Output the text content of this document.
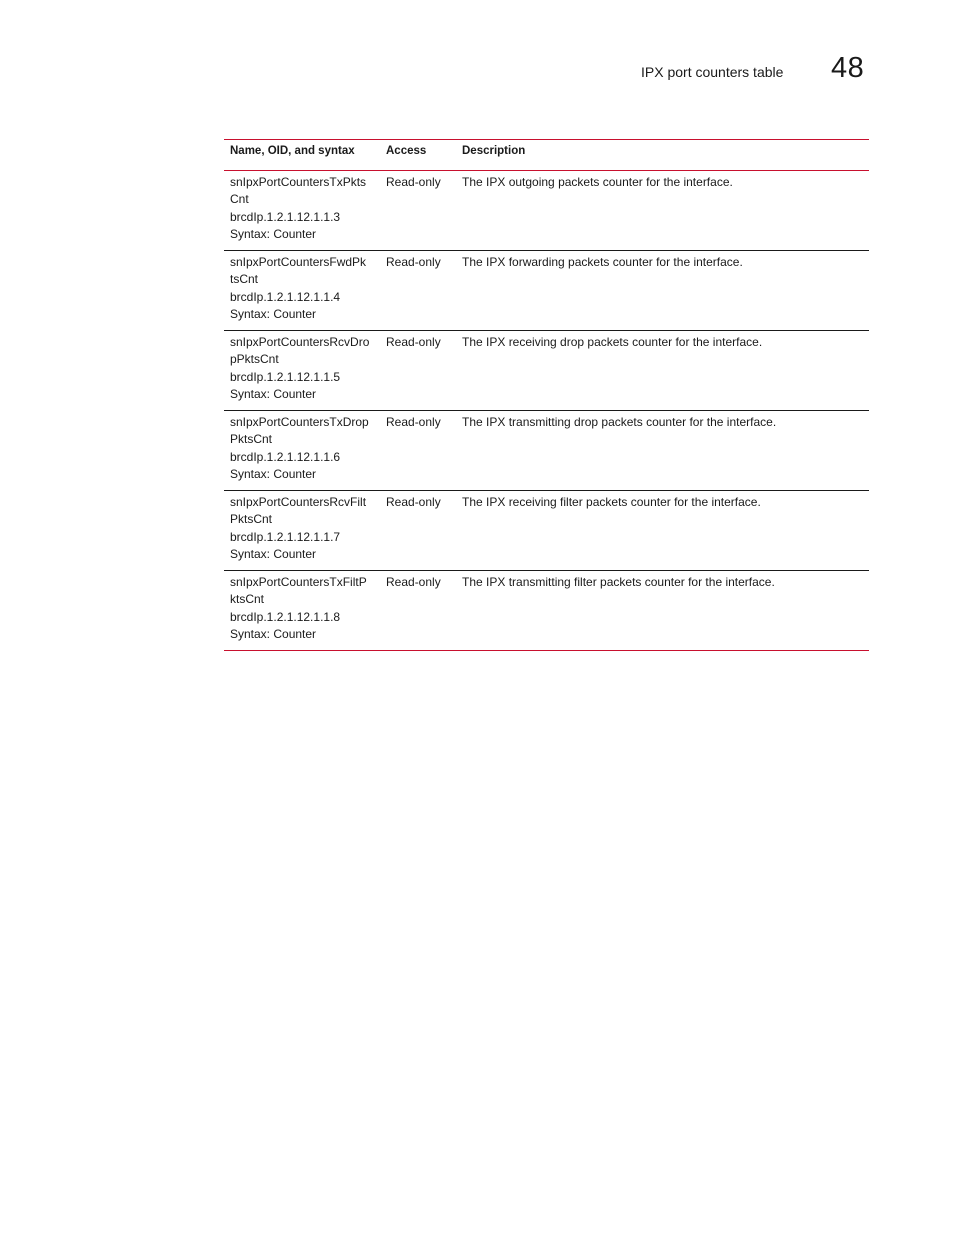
IPX port counters table 48
Name, OID, and syntax	Access	Description

snIpxPortCountersTxPkts
Cnt
brcdIp.1.2.1.12.1.1.3
Syntax: Counter	Read-only	The IPX outgoing packets counter for the interface.

snIpxPortCountersFwdPk
tsCnt
brcdIp.1.2.1.12.1.1.4
Syntax: Counter	Read-only	The IPX forwarding packets counter for the interface.

snIpxPortCountersRcvDro
pPktsCnt
brcdIp.1.2.1.12.1.1.5
Syntax: Counter	Read-only	The IPX receiving drop packets counter for the interface.

snIpxPortCountersTxDrop
PktsCnt
brcdIp.1.2.1.12.1.1.6
Syntax: Counter	Read-only	The IPX transmitting drop packets counter for the interface.

snIpxPortCountersRcvFilt
PktsCnt
brcdIp.1.2.1.12.1.1.7
Syntax: Counter	Read-only	The IPX receiving filter packets counter for the interface.

snIpxPortCountersTxFiltP
ktsCnt
brcdIp.1.2.1.12.1.1.8
Syntax: Counter	Read-only	The IPX transmitting filter packets counter for the interface.
